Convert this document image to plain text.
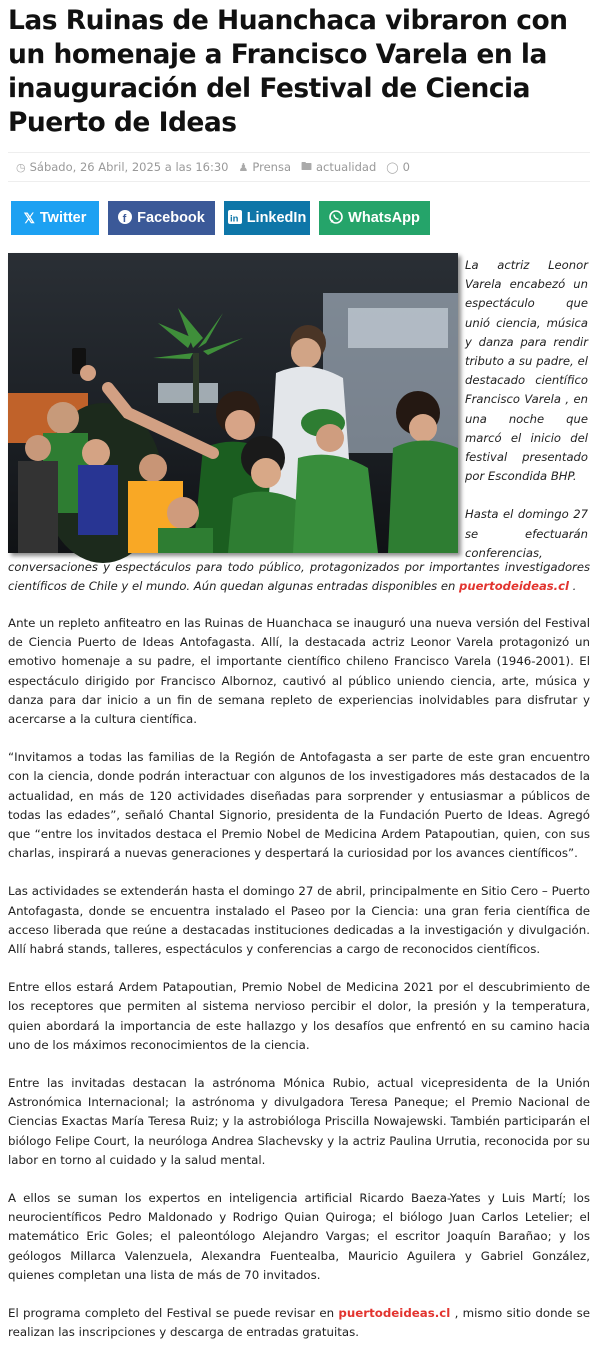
Las Ruinas de Huanchaca vibraron con un homenaje a Francisco Varela en la inauguración del Festival de Ciencia Puerto de Ideas
◷ Sábado, 26 Abril, 2025 a las 16:30 ♟ Prensa 🖿 actualidad ◯ 0
𝕏 Twitter	f Facebook	in LinkedIn	WhatsApp

La actriz Leonor Varela encabezó un espectáculo que unió ciencia, música y danza para rendir tributo a su padre, el destacado científico Francisco Varela , en una noche que marcó el inicio del festival presentado por Escondida BHP.

Hasta el domingo 27 se efectuarán conferencias,

conversaciones y espectáculos para todo público, protagonizados por importantes investigadores científicos de Chile y el mundo. Aún quedan algunas entradas disponibles en puertodeideas.cl .

Ante un repleto anfiteatro en las Ruinas de Huanchaca se inauguró una nueva versión del Festival de Ciencia Puerto de Ideas Antofagasta. Allí, la destacada actriz Leonor Varela protagonizó un emotivo homenaje a su padre, el importante científico chileno Francisco Varela (1946-2001). El espectáculo dirigido por Francisco Albornoz, cautivó al público uniendo ciencia, arte, música y danza para dar inicio a un fin de semana repleto de experiencias inolvidables para disfrutar y acercarse a la cultura científica.

“Invitamos a todas las familias de la Región de Antofagasta a ser parte de este gran encuentro con la ciencia, donde podrán interactuar con algunos de los investigadores más destacados de la actualidad, en más de 120 actividades diseñadas para sorprender y entusiasmar a públicos de todas las edades”, señaló Chantal Signorio, presidenta de la Fundación Puerto de Ideas. Agregó que “entre los invitados destaca el Premio Nobel de Medicina Ardem Patapoutian, quien, con sus charlas, inspirará a nuevas generaciones y despertará la curiosidad por los avances científicos”.

Las actividades se extenderán hasta el domingo 27 de abril, principalmente en Sitio Cero – Puerto Antofagasta, donde se encuentra instalado el Paseo por la Ciencia: una gran feria científica de acceso liberada que reúne a destacadas instituciones dedicadas a la investigación y divulgación. Allí habrá stands, talleres, espectáculos y conferencias a cargo de reconocidos científicos.

Entre ellos estará Ardem Patapoutian, Premio Nobel de Medicina 2021 por el descubrimiento de los receptores que permiten al sistema nervioso percibir el dolor, la presión y la temperatura, quien abordará la importancia de este hallazgo y los desafíos que enfrentó en su camino hacia uno de los máximos reconocimientos de la ciencia.

Entre las invitadas destacan la astrónoma Mónica Rubio, actual vicepresidenta de la Unión Astronómica Internacional; la astrónoma y divulgadora Teresa Paneque; el Premio Nacional de Ciencias Exactas María Teresa Ruiz; y la astrobióloga Priscilla Nowajewski. También participarán el biólogo Felipe Court, la neuróloga Andrea Slachevsky y la actriz Paulina Urrutia, reconocida por su labor en torno al cuidado y la salud mental.

A ellos se suman los expertos en inteligencia artificial Ricardo Baeza-Yates y Luis Martí; los neurocientíficos Pedro Maldonado y Rodrigo Quian Quiroga; el biólogo Juan Carlos Letelier; el matemático Eric Goles; el paleontólogo Alejandro Vargas; el escritor Joaquín Barañao; y los geólogos Millarca Valenzuela, Alexandra Fuentealba, Mauricio Aguilera y Gabriel González, quienes completan una lista de más de 70 invitados.

El programa completo del Festival se puede revisar en puertodeideas.cl , mismo sitio donde se realizan las inscripciones y descarga de entradas gratuitas.
